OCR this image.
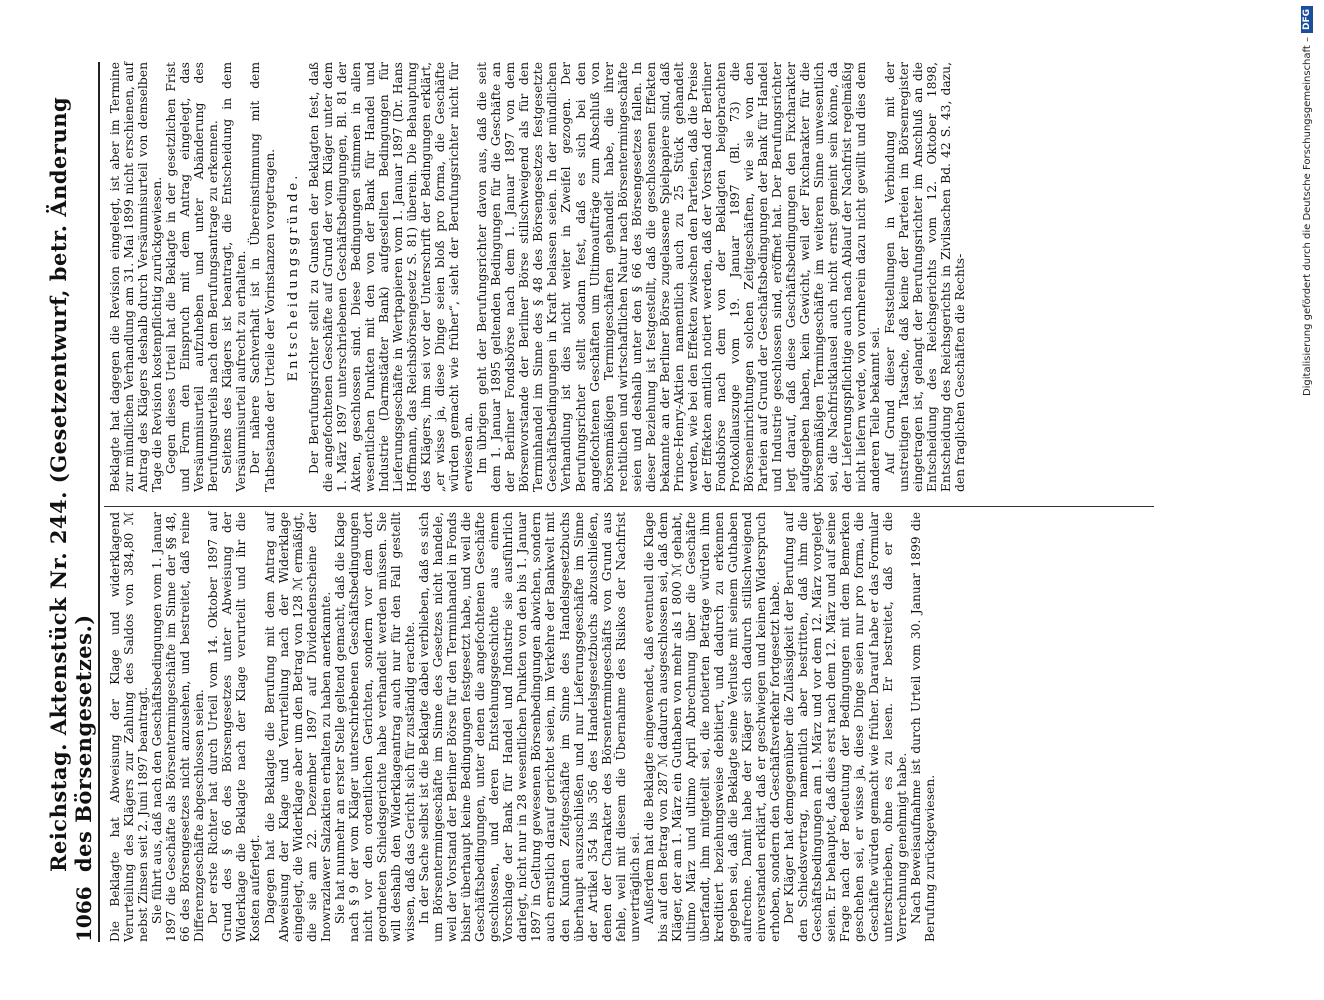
1066
Reichstag. Aktenstück Nr. 244. (Gesetzentwurf, betr. Änderung des Börsengesetzes.) Die Beklagte hat Abweisung der Klage und widerklagend Verurteilung des Klägers zur Zahlung des Saldos von 384,80 ℳ nebst Zinsen seit 2. Juni 1897 beantragt. Sie führt aus, daß nach den Geschäftsbedingungen vom 1. Januar 1897 die Geschäfte als Börsentermingeschäfte im Sinne der §§ 48, 66 des Börsengesetzes nicht anzusehen, und bestreitet, daß reine Differenzgeschäfte abgeschlossen seien. Der erste Richter hat durch Urteil vom 14. Oktober 1897 auf Grund des § 66 des Börsengesetzes unter Abweisung der Widerklage die Beklagte nach der Klage verurteilt und ihr die Kosten auferlegt. Dagegen hat die Beklagte die Berufung mit dem Antrag auf Abweisung der Klage und Verurteilung nach der Widerklage eingelegt, die Widerklage aber um den Betrag von 128 ℳ ermäßigt, die sie am 22. Dezember 1897 auf Dividendenscheine der Inowrazlawer Salzaktien erhalten zu haben anerkannte. Sie hat nunmehr an erster Stelle geltend gemacht, daß die Klage nach § 9 der vom Kläger unterschriebenen Geschäftsbedingungen nicht vor den ordentlichen Gerichten, sondern vor dem dort geordneten Schiedsgerichte habe verhandelt werden müssen. Sie will deshalb den Widerklageantrag auch nur für den Fall gestellt wissen, daß das Gericht sich für zuständig erachte. In der Sache selbst ist die Beklagte dabei verblieben, daß es sich um Börsentermingeschäfte im Sinne des Gesetzes nicht handele, weil der Vorstand der Berliner Börse für den Terminhandel in Fonds bisher überhaupt keine Bedingungen festgesetzt habe, und weil die Geschäftsbedingungen, unter denen die angefochtenen Geschäfte geschlossen, und deren Entstehungsgeschichte aus einem Vorschlage der Bank für Handel und Industrie sie ausführlich darlegt, nicht nur in 28 wesentlichen Punkten von den bis 1. Januar 1897 in Geltung gewesenen Börsenbedingungen abwichen, sondern auch ernstlich darauf gerichtet seien, im Verkehre der Bankwelt mit den Kunden Zeitgeschäfte im Sinne des Handelsgesetzbuchs überhaupt auszuschließen und nur Lieferungsgeschäfte im Sinne der Artikel 354 bis 356 des Handelsgesetzbuchs abzuschließen, denen der Charakter des Börsentermingeschäfts von Grund aus fehle, weil mit diesem die Übernahme des Risikos der Nachfrist unverträglich sei. Außerdem hat die Beklagte eingewendet, daß eventuell die Klage bis auf den Betrag von 287 ℳ dadurch ausgeschlossen sei, daß dem Kläger, der am 1. März ein Guthaben von mehr als 1 800 ℳ gehabt, ultimo März und ultimo April Abrechnung über die Geschäfte überfandt, ihm mitgeteilt sei, die notierten Beträge würden ihm kreditiert beziehungsweise debitiert, und dadurch zu erkennen gegeben sei, daß die Beklagte seine Verluste mit seinem Guthaben aufrechne. Damit habe der Kläger sich dadurch stillschweigend einverstanden erklärt, daß er geschwiegen und keinen Widerspruch erhoben, sondern den Geschäftsverkehr fortgesetzt habe. Der Kläger hat demgegenüber die Zulässigkeit der Berufung auf den Schiedsvertrag, namentlich aber bestritten, daß ihm die Geschäftsbedingungen am 1. März und vor dem 12. März vorgelegt seien. Er behauptet, daß dies erst nach dem 12. März und auf seine Frage nach der Bedeutung der Bedingungen mit dem Bemerken geschehen sei, er wisse ja, diese Dinge seien nur pro forma, die Geschäfte würden gemacht wie früher. Darauf habe er das Formular unterschrieben, ohne es zu lesen. Er bestreitet, daß er die Verrechnung genehmigt habe. Nach Beweisaufnahme ist durch Urteil vom 30. Januar 1899 die Berufung zurückgewiesen.

Beklagte hat dagegen die Revision eingelegt, ist aber im Termine zur mündlichen Verhandlung am 31. Mai 1899 nicht erschienen, auf Antrag des Klägers deshalb durch Versäumnisurteil von demselben Tage die Revision kostenpflichtig zurückgewiesen. Gegen dieses Urteil hat die Beklagte in der gesetzlichen Frist und Form den Einspruch mit dem Antrag eingelegt, das Versäumnisurteil aufzuheben und unter Abänderung des Berufungsurteils nach dem Berufungsantrage zu erkennen. Seitens des Klägers ist beantragt, die Entscheidung in dem Versäumnisurteil aufrecht zu erhalten. Der nähere Sachverhalt ist in Übereinstimmung mit dem Tatbestande der Urteile der Vorinstanzen vorgetragen. Entscheidungsgründe. Der Berufungsrichter stellt zu Gunsten der Beklagten fest, daß die angefochtenen Geschäfte auf Grund der vom Kläger unter dem 1. März 1897 unterschriebenen Geschäftsbedingungen, Bl. 81 der Akten, geschlossen sind. Diese Bedingungen stimmen in allen wesentlichen Punkten mit den von der Bank für Handel und Industrie (Darmstädter Bank) aufgestellten Bedingungen für Lieferungsgeschäfte in Wertpapieren vom 1. Januar 1897 (Dr. Hans Hoffmann, das Reichsbörsengesetz S. 81) überein. Die Behauptung des Klägers, ihm sei vor der Unterschrift der Bedingungen erklärt, „er wisse ja, diese Dinge seien bloß pro forma, die Geschäfte würden gemacht wie früher“, sieht der Berufungsrichter nicht für erwiesen an. Im übrigen geht der Berufungsrichter davon aus, daß die seit dem 1. Januar 1895 geltenden Bedingungen für die Geschäfte an der Berliner Fondsbörse nach dem 1. Januar 1897 von dem Börsenvorstande der Berliner Börse stillschweigend als für den Terminhandel im Sinne des § 48 des Börsengesetzes festgesetzte Geschäftsbedingungen in Kraft belassen seien. In der mündlichen Verhandlung ist dies nicht weiter in Zweifel gezogen. Der Berufungsrichter stellt sodann fest, daß es sich bei den angefochtenen Geschäften um Ultimoaufträge zum Abschluß von börsenmäßigen Termingeschäften gehandelt habe, die ihrer rechtlichen und wirtschaftlichen Natur nach Börsentermingeschäfte seien und deshalb unter den § 66 des Börsengesetzes fallen. In dieser Beziehung ist festgestellt, daß die geschlossenen Effekten bekannte an der Berliner Börse zugelassene Spielpapiere sind, daß Prince-Henry-Aktien namentlich auch zu 25 Stück gehandelt werden, wie bei den Effekten zwischen den Parteien, daß die Preise der Effekten amtlich notiert werden, daß der Vorstand der Berliner Fondsbörse nach dem von der Beklagten beigebrachten Protokollauszuge vom 19. Januar 1897 (Bl. 73) die Börseneinrichtungen solchen Zeitgeschäften, wie sie von den Parteien auf Grund der Geschäftsbedingungen der Bank für Handel und Industrie geschlossen sind, eröffnet hat. Der Berufungsrichter legt darauf, daß diese Geschäftsbedingungen den Fixcharakter aufgegeben haben, kein Gewicht, weil der Fixcharakter für die börsenmäßigen Termingeschäfte im weiteren Sinne unwesentlich sei, die Nachfristklausel auch nicht ernst gemeint sein könne, da der Lieferungspflichtige auch nach Ablauf der Nachfrist regelmäßig nicht liefern werde, von vornherein dazu nicht gewillt und dies dem anderen Teile bekannt sei. Auf Grund dieser Feststellungen in Verbindung mit der unstreitigen Tatsache, daß keine der Parteien im Börsenregister eingetragen ist, gelangt der Berufungsrichter im Anschluß an die Entscheidung des Reichsgerichts vom 12. Oktober 1898, Entscheidung des Reichsgerichts in Zivilsachen Bd. 42 S. 43, dazu, den fraglichen Geschäften die Rechts-	Digitalisierung gefördert durch die Deutsche Forschungsgemeinschaft –
DFG
